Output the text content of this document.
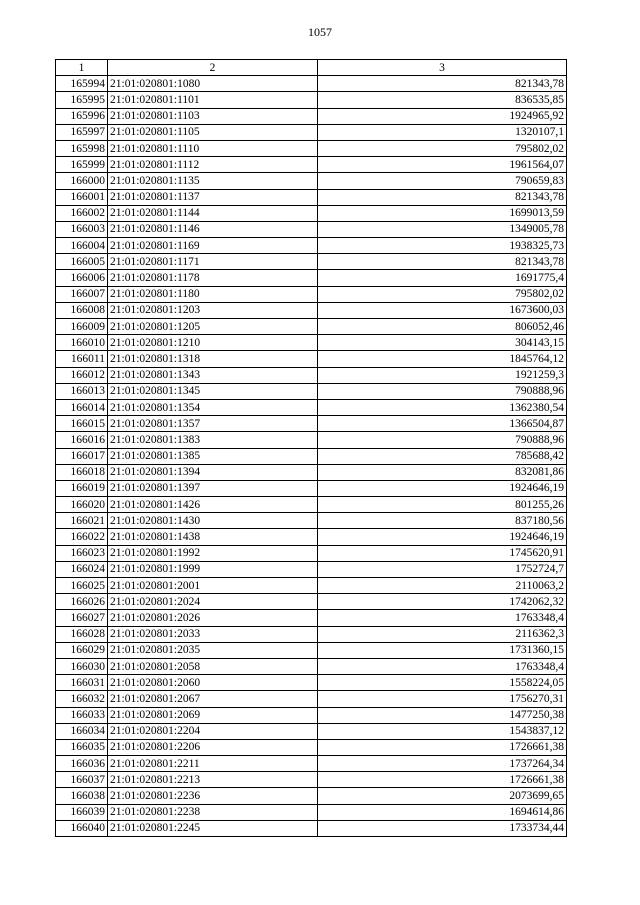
1057
1	2	3
165994	21:01:020801:1080	821343,78
165995	21:01:020801:1101	836535,85
165996	21:01:020801:1103	1924965,92
165997	21:01:020801:1105	1320107,1
165998	21:01:020801:1110	795802,02
165999	21:01:020801:1112	1961564,07
166000	21:01:020801:1135	790659,83
166001	21:01:020801:1137	821343,78
166002	21:01:020801:1144	1699013,59
166003	21:01:020801:1146	1349005,78
166004	21:01:020801:1169	1938325,73
166005	21:01:020801:1171	821343,78
166006	21:01:020801:1178	1691775,4
166007	21:01:020801:1180	795802,02
166008	21:01:020801:1203	1673600,03
166009	21:01:020801:1205	806052,46
166010	21:01:020801:1210	304143,15
166011	21:01:020801:1318	1845764,12
166012	21:01:020801:1343	1921259,3
166013	21:01:020801:1345	790888,96
166014	21:01:020801:1354	1362380,54
166015	21:01:020801:1357	1366504,87
166016	21:01:020801:1383	790888,96
166017	21:01:020801:1385	785688,42
166018	21:01:020801:1394	832081,86
166019	21:01:020801:1397	1924646,19
166020	21:01:020801:1426	801255,26
166021	21:01:020801:1430	837180,56
166022	21:01:020801:1438	1924646,19
166023	21:01:020801:1992	1745620,91
166024	21:01:020801:1999	1752724,7
166025	21:01:020801:2001	2110063,2
166026	21:01:020801:2024	1742062,32
166027	21:01:020801:2026	1763348,4
166028	21:01:020801:2033	2116362,3
166029	21:01:020801:2035	1731360,15
166030	21:01:020801:2058	1763348,4
166031	21:01:020801:2060	1558224,05
166032	21:01:020801:2067	1756270,31
166033	21:01:020801:2069	1477250,38
166034	21:01:020801:2204	1543837,12
166035	21:01:020801:2206	1726661,38
166036	21:01:020801:2211	1737264,34
166037	21:01:020801:2213	1726661,38
166038	21:01:020801:2236	2073699,65
166039	21:01:020801:2238	1694614,86
166040	21:01:020801:2245	1733734,44
